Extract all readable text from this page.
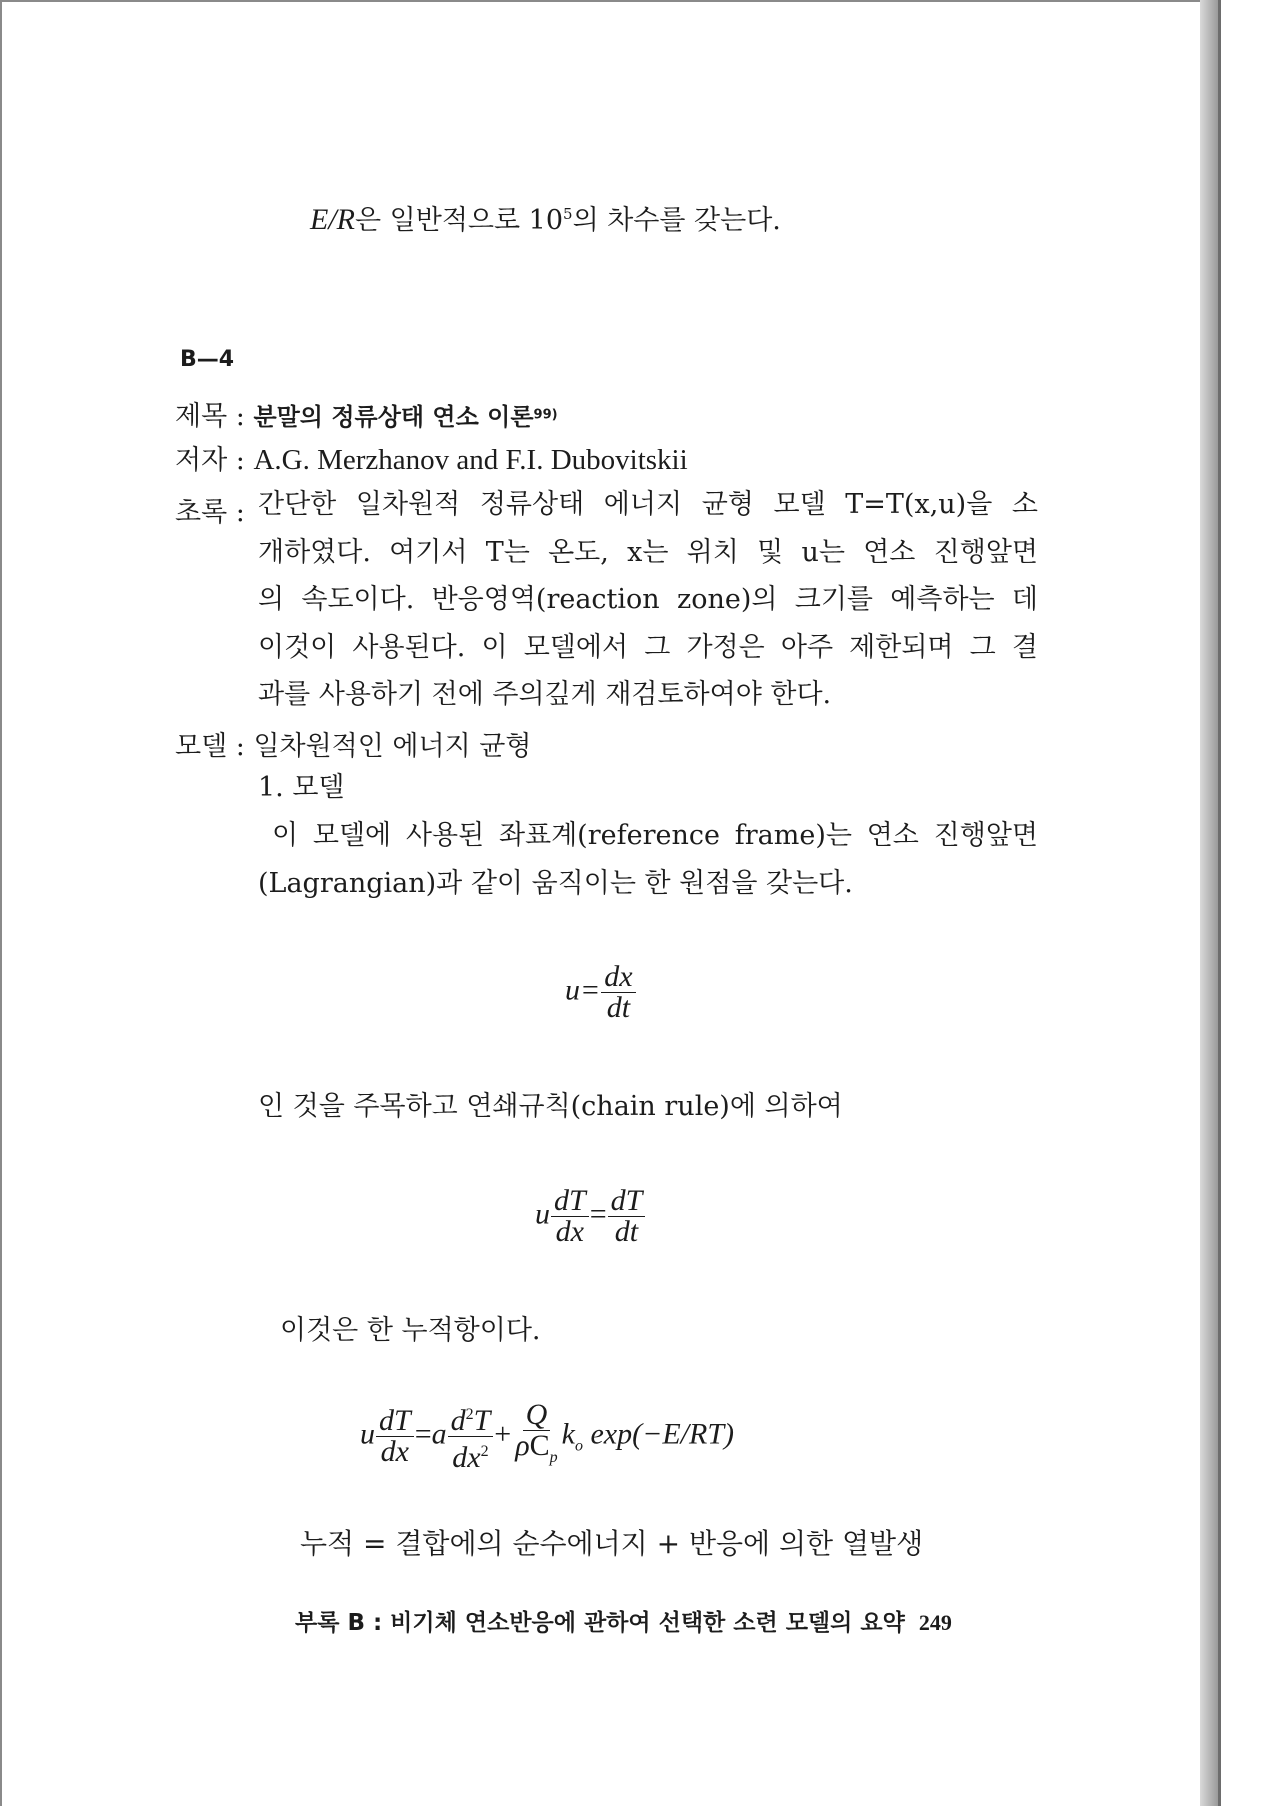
E/R은 일반적으로 $10^5$의 차수를 갖는다.
B—4
제목 : 분말의 정류상태 연소 이론$^{99)}$
저자 : A.G. Merzhanov and F.I. Dubovitskii
초록 : 간단한 일차원적 정류상태 에너지 균형 모델 T=T(x,u)을 소
개하였다. 여기서 T는 온도, x는 위치 및 u는 연소 진행앞면
의 속도이다. 반응영역(reaction zone)의 크기를 예측하는 데
이것이 사용된다. 이 모델에서 그 가정은 아주 제한되며 그 결
과를 사용하기 전에 주의깊게 재검토하여야 한다.
모델 : 일차원적인 에너지 균형
1. 모델
이 모델에 사용된 좌표계(reference frame)는 연소 진행앞면
(Lagrangian)과 같이 움직이는 한 원점을 갖는다.
$u= \frac{dx}{dt}$
인 것을 주목하고 연쇄규칙(chain rule)에 의하여
u $\frac{dT}{dx} = \frac{dT}{dt}$
이것은 한 누적항이다.
u $\frac{dT}{dx} =a \frac{d^2T}{dx^2} + \frac{Q}{\rho C_p} k_o$ exp(−E/RT)
누적 = 결합에의 순수에너지 + 반응에 의한 열발생
부록 B : 비기체 연소반응에 관하여 선택한 소련 모델의 요약 249
